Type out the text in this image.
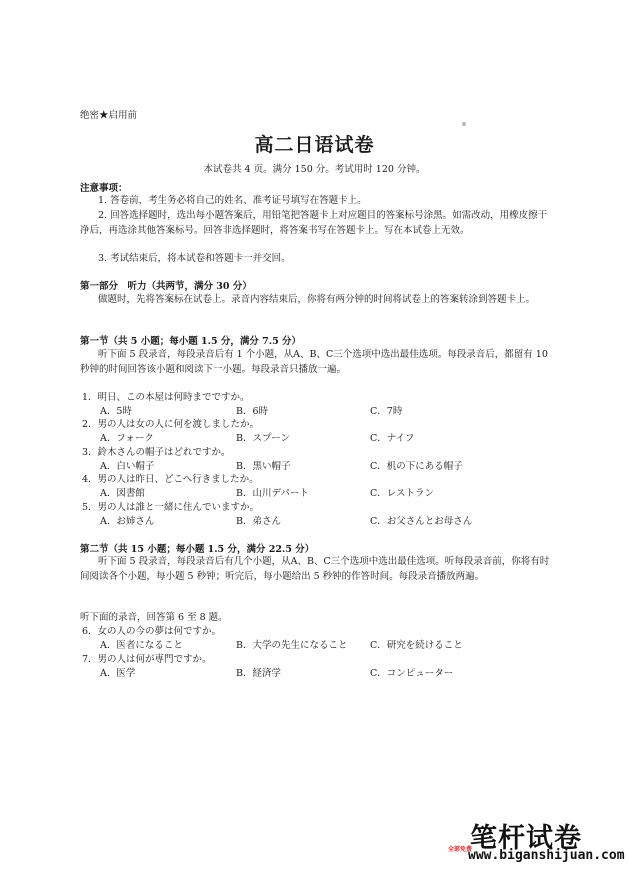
绝密★启用前
高二日语试卷
本试卷共 4 页。满分 150 分。考试用时 120 分钟。
注意事项：
1. 答卷前，考生务必将自己的姓名、准考证号填写在答题卡上。
2. 回答选择题时，选出每小题答案后，用铅笔把答题卡上对应题目的答案标号涂黑。如需改动，用橡皮擦干净后，再选涂其他答案标号。回答非选择题时，将答案书写在答题卡上。写在本试卷上无效。
3. 考试结束后，将本试卷和答题卡一并交回。
第一部分　听力（共两节，满分 30 分）
做题时，先将答案标在试卷上。录音内容结束后，你将有两分钟的时间将试卷上的答案转涂到答题卡上。
第一节（共 5 小题；每小题 1.5 分，满分 7.5 分）
听下面 5 段录音，每段录音后有 1 个小题，从A、B、C三个选项中选出最佳选项。每段录音后，都留有 10 秒钟的时间回答该小题和阅读下一小题。每段录音只播放一遍。
1．明日、この本屋は何時までですか。
A．5時	B．6時	C．7時
2．男の人は女の人に何を渡しましたか。
A．フォーク	B．スプーン	C．ナイフ
3．鈴木さんの帽子はどれですか。
A．白い帽子	B．黒い帽子	C．机の下にある帽子
4．男の人は昨日、どこへ行きましたか。
A．図書館	B．山川デパート	C．レストラン
5．男の人は誰と一緒に住んでいますか。
A．お姉さん	B．弟さん	C．お父さんとお母さん
第二节（共 15 小题；每小题 1.5 分，满分 22.5 分）
听下面 5 段录音，每段录音后有几个小题，从A、B、C三个选项中选出最佳选项。听每段录音前，你将有时间阅读各个小题，每小题 5 秒钟；听完后，每小题给出 5 秒钟的作答时间。每段录音播放两遍。
听下面的录音，回答第 6 至 8 题。
6．女の人の今の夢は何ですか。
A．医者になること	B．大学の先生になること C．研究を続けること
7．男の人は何が専門ですか。
A．医学	B．経済学	C．コンピューター
笔杆试卷
全部免费
www.biganshijuan.com
